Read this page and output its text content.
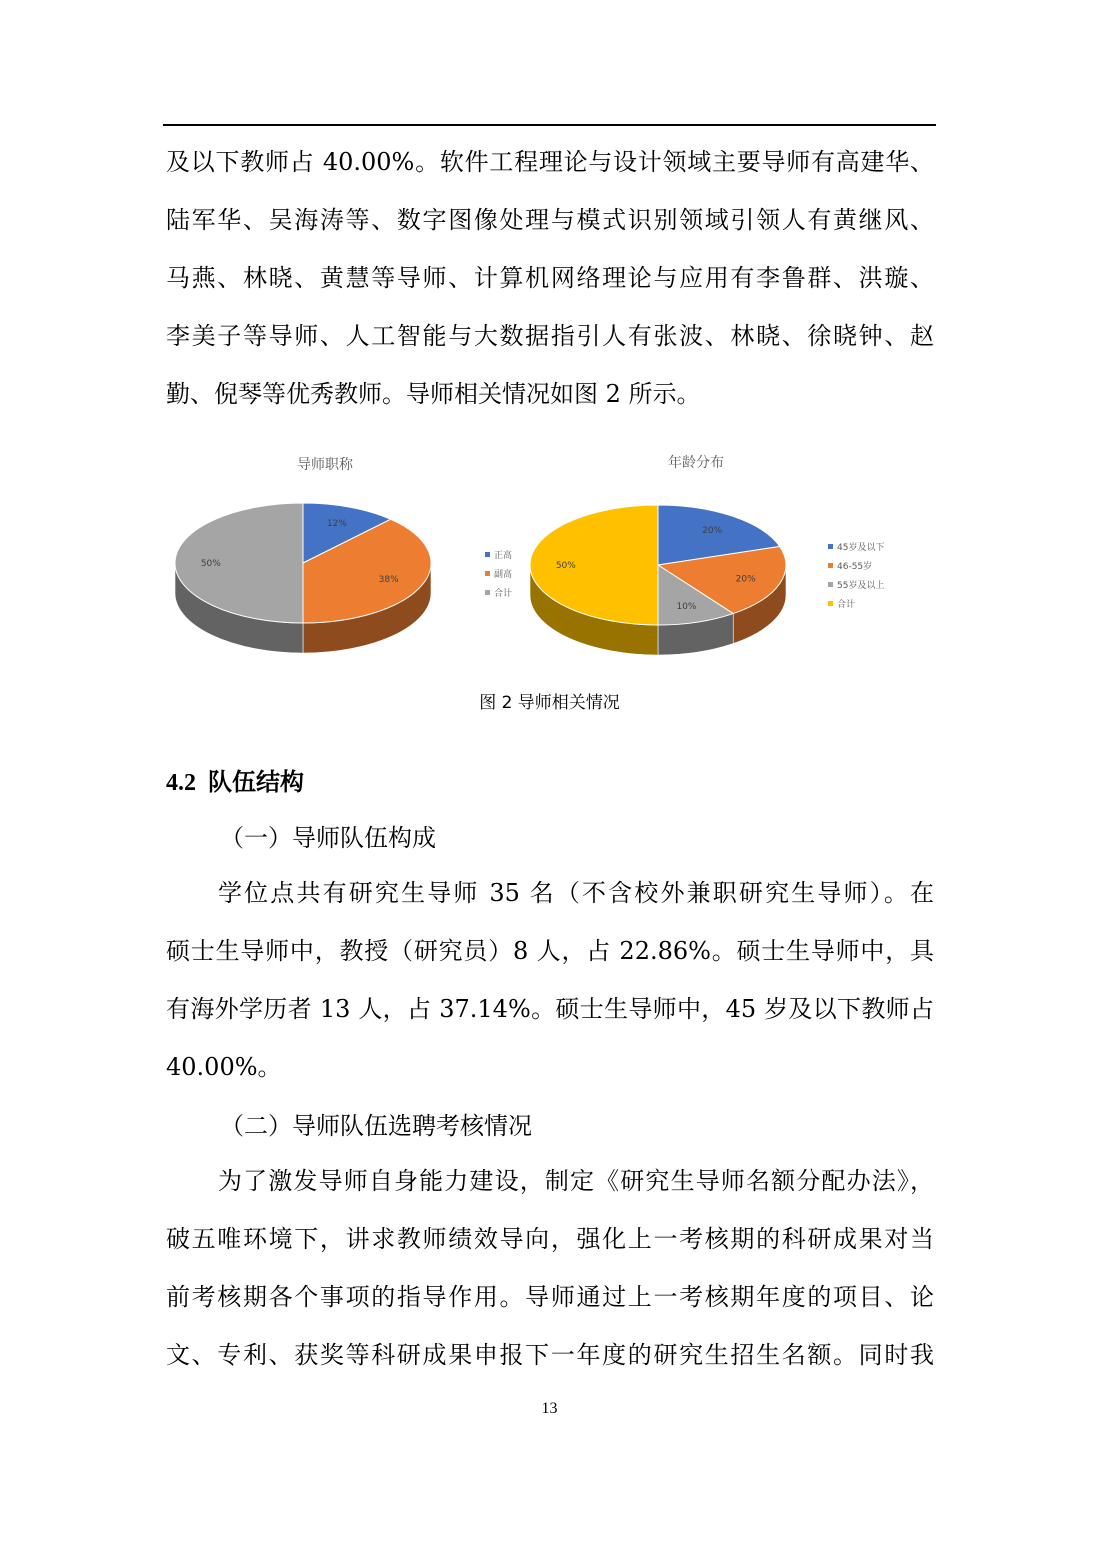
及以下教师占 40.00%。软件工程理论与设计领域主要导师有高建华、
陆军华、吴海涛等、数字图像处理与模式识别领域引领人有黄继风、
马燕、林晓、黄慧等导师、计算机网络理论与应用有李鲁群、洪璇、
李美子等导师、人工智能与大数据指引人有张波、林晓、徐晓钟、赵
勤、倪琴等优秀教师。导师相关情况如图 2 所示。

导师职称	年龄分布
12%
38%
50%
20%
20%
10%
50%
正高
副高
合计
45岁及以下
46-55岁
55岁及以上
合计
图 2 导师相关情况
4.2 队伍结构
（一）导师队伍构成

学位点共有研究生导师 35 名（不含校外兼职研究生导师）。在
硕士生导师中，教授（研究员）8 人，占 22.86%。硕士生导师中，具
有海外学历者 13 人，占 37.14%。硕士生导师中，45 岁及以下教师占
40.00%。

（二）导师队伍选聘考核情况

为了激发导师自身能力建设，制定《研究生导师名额分配办法》，
破五唯环境下，讲求教师绩效导向，强化上一考核期的科研成果对当
前考核期各个事项的指导作用。导师通过上一考核期年度的项目、论
文、专利、获奖等科研成果申报下一年度的研究生招生名额。同时我

13
